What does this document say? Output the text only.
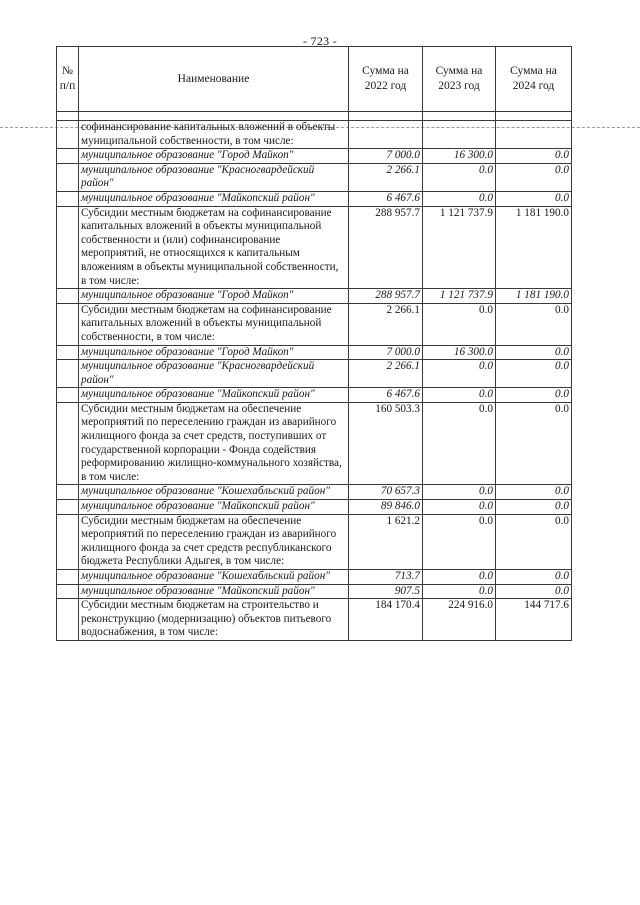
- 723 -
№ п/п	Наименование	Сумма на 2022 год	Сумма на 2023 год	Сумма на 2024 год

	софинансирование капитальных вложений в объекты муниципальной собственности, в том числе:			
	муниципальное образование "Город Майкоп"	7 000.0	16 300.0	0.0
	муниципальное образование "Красногвардейский район"	2 266.1	0.0	0.0
	муниципальное образование "Майкопский район"	6 467.6	0.0	0.0
	Субсидии местным бюджетам на софинансирование капитальных вложений в объекты муниципальной собственности и (или) софинансирование мероприятий, не относящихся к капитальным вложениям в объекты муниципальной собственности, в том числе:	288 957.7	1 121 737.9	1 181 190.0
	муниципальное образование "Город Майкоп"	288 957.7	1 121 737.9	1 181 190.0
	Субсидии местным бюджетам на софинансирование капитальных вложений в объекты муниципальной собственности, в том числе:	2 266.1	0.0	0.0
	муниципальное образование "Город Майкоп"	7 000.0	16 300.0	0.0
	муниципальное образование "Красногвардейский район"	2 266.1	0.0	0.0
	муниципальное образование "Майкопский район"	6 467.6	0.0	0.0
	Субсидии местным бюджетам на обеспечение мероприятий по переселению граждан из аварийного жилищного фонда за счет средств, поступивших от государственной корпорации - Фонда содействия реформированию жилищно-коммунального хозяйства, в том числе:	160 503.3	0.0	0.0
	муниципальное образование "Кошехабльский район"	70 657.3	0.0	0.0
	муниципальное образование "Майкопский район"	89 846.0	0.0	0.0
	Субсидии местным бюджетам на обеспечение мероприятий по переселению граждан из аварийного жилищного фонда за счет средств республиканского бюджета Республики Адыгея, в том числе:	1 621.2	0.0	0.0
	муниципальное образование "Кошехабльский район"	713.7	0.0	0.0
	муниципальное образование "Майкопский район"	907.5	0.0	0.0
	Субсидии местным бюджетам на строительство и реконструкцию (модернизацию) объектов питьевого водоснабжения, в том числе:	184 170.4	224 916.0	144 717.6
